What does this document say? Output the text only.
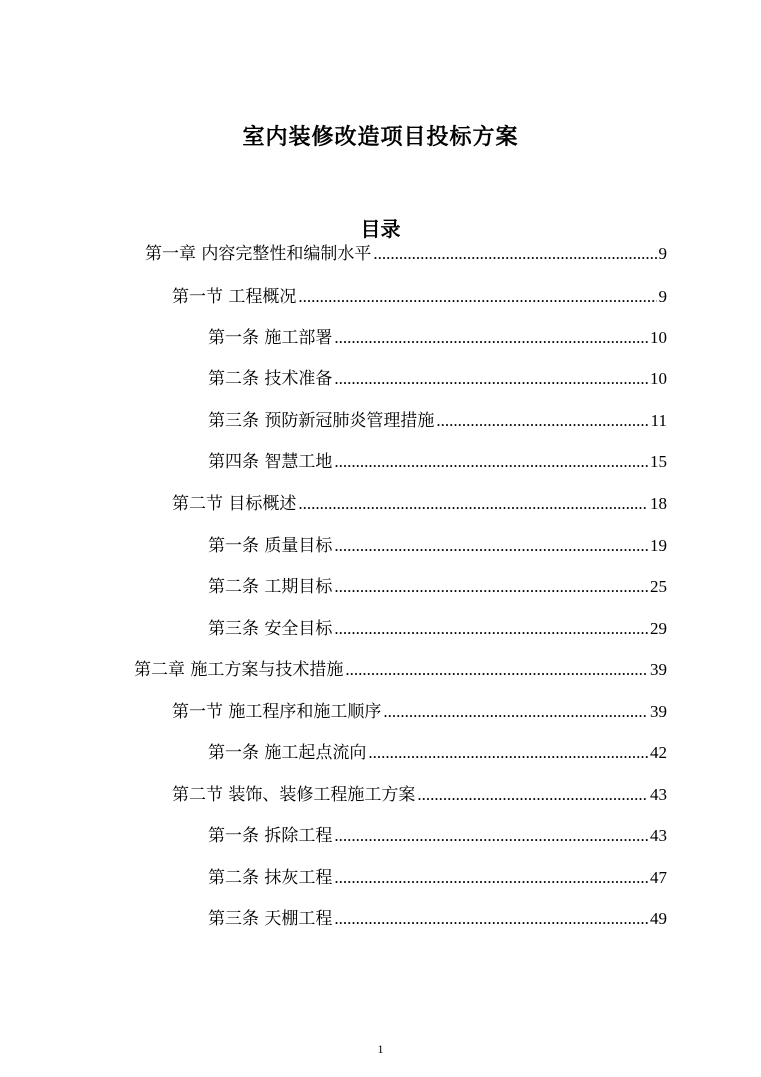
室内装修改造项目投标方案
目录
第一章 内容完整性和编制水平 .....	9
第一节 工程概况 .....	9
第一条 施工部署 .....	10
第二条 技术准备 .....	10
第三条 预防新冠肺炎管理措施 .....	11
第四条 智慧工地 .....	15
第二节 目标概述 .....	18
第一条 质量目标 .....	19
第二条 工期目标 .....	25
第三条 安全目标 .....	29
第二章 施工方案与技术措施 .....	39
第一节 施工程序和施工顺序 .....	39
第一条 施工起点流向 .....	42
第二节 装饰、装修工程施工方案 .....	43
第一条 拆除工程 .....	43
第二条 抹灰工程 .....	47
第三条 天棚工程 .....	49
1
